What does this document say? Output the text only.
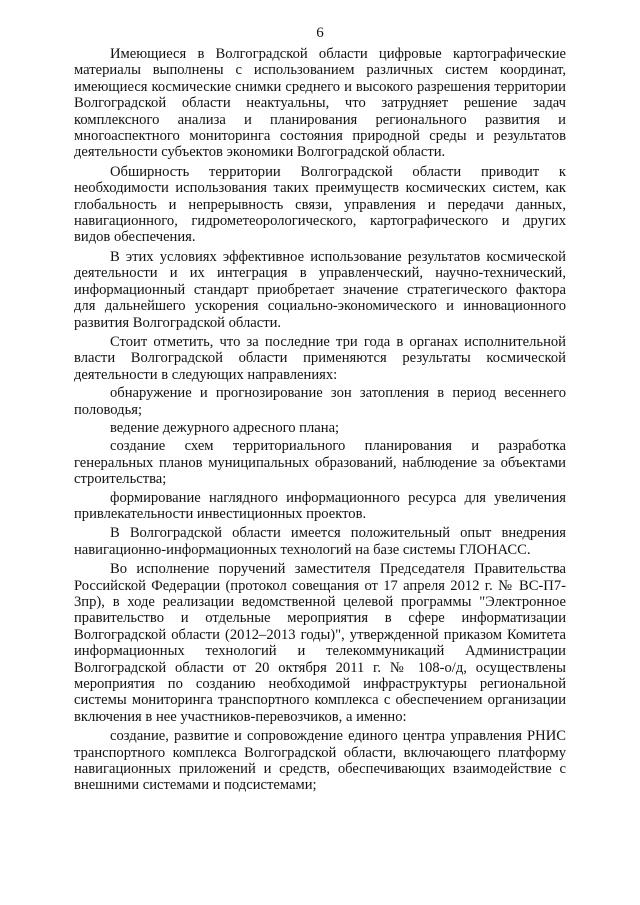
6

Имеющиеся в Волгоградской области цифровые картографические материалы выполнены с использованием различных систем координат, имеющиеся космические снимки среднего и высокого разрешения территории Волгоградской области неактуальны, что затрудняет решение задач комплексного анализа и планирования регионального развития и многоаспектного мониторинга состояния природной среды и результатов деятельности субъектов экономики Волгоградской области.

Обширность территории Волгоградской области приводит к необходимости использования таких преимуществ космических систем, как глобальность и непрерывность связи, управления и передачи данных, навигационного, гидрометеорологического, картографического и других видов обеспечения.

В этих условиях эффективное использование результатов космической деятельности и их интеграция в управленческий, научно-технический, информационный стандарт приобретает значение стратегического фактора для дальнейшего ускорения социально-экономического и инновационного развития Волгоградской области.

Стоит отметить, что за последние три года в органах исполнительной власти Волгоградской области применяются результаты космической деятельности в следующих направлениях:

обнаружение и прогнозирование зон затопления в период весеннего половодья;

ведение дежурного адресного плана;

создание схем территориального планирования и разработка генеральных планов муниципальных образований, наблюдение за объектами строительства;

формирование наглядного информационного ресурса для увеличения привлекательности инвестиционных проектов.

В Волгоградской области имеется положительный опыт внедрения навигационно-информационных технологий на базе системы ГЛОНАСС.

Во исполнение поручений заместителя Председателя Правительства Российской Федерации (протокол совещания от 17 апреля 2012 г. № ВС-П7-3пр), в ходе реализации ведомственной целевой программы "Электронное правительство и отдельные мероприятия в сфере информатизации Волгоградской области (2012–2013 годы)", утвержденной приказом Комитета информационных технологий и телекоммуникаций Администрации Волгоградской области от 20 октября 2011 г. № 108-о/д, осуществлены мероприятия по созданию необходимой инфраструктуры региональной системы мониторинга транспортного комплекса с обеспечением организации включения в нее участников-перевозчиков, а именно:

создание, развитие и сопровождение единого центра управления РНИС транспортного комплекса Волгоградской области, включающего платформу навигационных приложений и средств, обеспечивающих взаимодействие с внешними системами и подсистемами;
